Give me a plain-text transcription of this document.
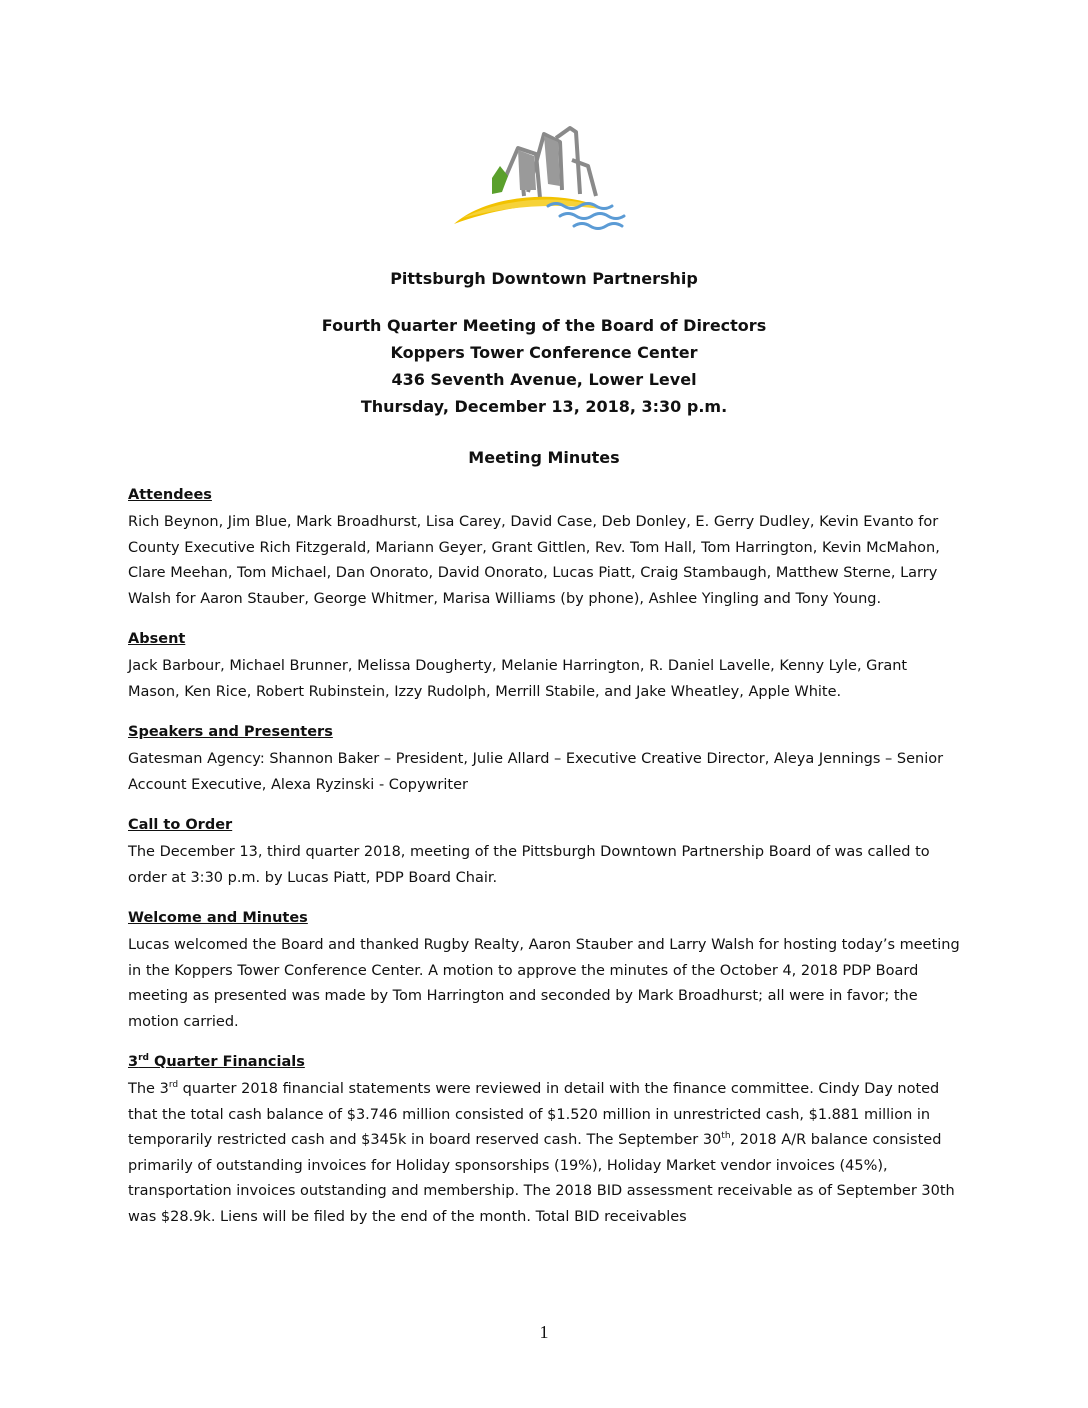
Pittsburgh Downtown Partnership
Fourth Quarter Meeting of the Board of Directors
Koppers Tower Conference Center
436 Seventh Avenue, Lower Level
Thursday, December 13, 2018, 3:30 p.m.
Meeting Minutes

Attendees

Rich Beynon, Jim Blue, Mark Broadhurst, Lisa Carey, David Case, Deb Donley, E. Gerry Dudley, Kevin Evanto for County Executive Rich Fitzgerald, Mariann Geyer, Grant Gittlen, Rev. Tom Hall, Tom Harrington, Kevin McMahon, Clare Meehan, Tom Michael, Dan Onorato, David Onorato, Lucas Piatt, Craig Stambaugh, Matthew Sterne, Larry Walsh for Aaron Stauber, George Whitmer, Marisa Williams (by phone), Ashlee Yingling and Tony Young.

Absent

Jack Barbour, Michael Brunner, Melissa Dougherty, Melanie Harrington, R. Daniel Lavelle, Kenny Lyle, Grant Mason, Ken Rice, Robert Rubinstein, Izzy Rudolph, Merrill Stabile, and Jake Wheatley, Apple White.

Speakers and Presenters

Gatesman Agency: Shannon Baker – President, Julie Allard – Executive Creative Director, Aleya Jennings – Senior Account Executive, Alexa Ryzinski - Copywriter

Call to Order

The December 13, third quarter 2018, meeting of the Pittsburgh Downtown Partnership Board of was called to order at 3:30 p.m. by Lucas Piatt, PDP Board Chair.

Welcome and Minutes

Lucas welcomed the Board and thanked Rugby Realty, Aaron Stauber and Larry Walsh for hosting today’s meeting in the Koppers Tower Conference Center. A motion to approve the minutes of the October 4, 2018 PDP Board meeting as presented was made by Tom Harrington and seconded by Mark Broadhurst; all were in favor; the motion carried.

3rd Quarter Financials

The 3rd quarter 2018 financial statements were reviewed in detail with the finance committee. Cindy Day noted that the total cash balance of $3.746 million consisted of $1.520 million in unrestricted cash, $1.881 million in temporarily restricted cash and $345k in board reserved cash. The September 30th, 2018 A/R balance consisted primarily of outstanding invoices for Holiday sponsorships (19%), Holiday Market vendor invoices (45%), transportation invoices outstanding and membership. The 2018 BID assessment receivable as of September 30th was $28.9k. Liens will be filed by the end of the month. Total BID receivables

1
